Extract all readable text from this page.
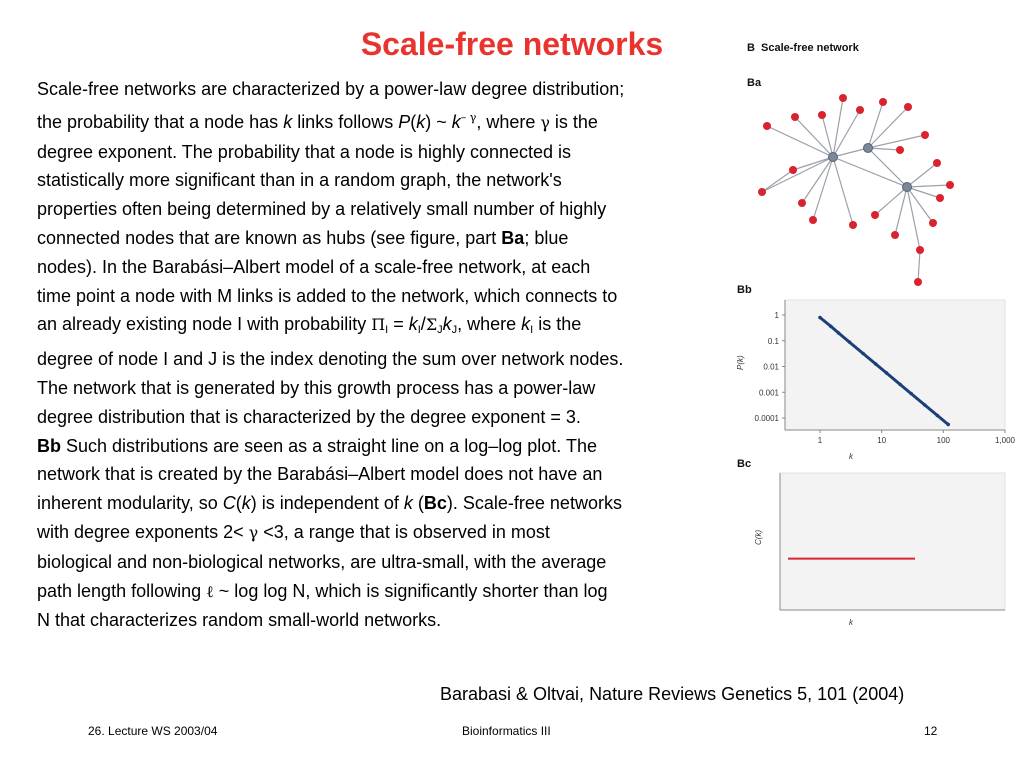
Scale-free networks
Scale-free networks are characterized by a power-law degree distribution;
the probability that a node has k links follows P(k) ~ $k^{- \gamma}$, where γ is the
degree exponent. The probability that a node is highly connected is
statistically more significant than in a random graph, the network's
properties often being determined by a relatively small number of highly
connected nodes that are known as hubs (see figure, part Ba; blue
nodes). In the Barabási–Albert model of a scale-free network, at each
time point a node with M links is added to the network, which connects to
an already existing node I with probability $\Pi_I = k_I/\Sigma_Jk_J$, where $k_I$ is the
degree of node I and J is the index denoting the sum over network nodes.
The network that is generated by this growth process has a power-law
degree distribution that is characterized by the degree exponent = 3.
Bb Such distributions are seen as a straight line on a log–log plot. The
network that is created by the Barabási–Albert model does not have an
inherent modularity, so C(k) is independent of k (Bc). Scale-free networks
with degree exponents 2< γ <3, a range that is observed in most
biological and non-biological networks, are ultra-small, with the average
path length following ℓ ~ log log N, which is significantly shorter than log
N that characterizes random small-world networks.
B Scale-free network
Ba
Bb
1	10	100	1,000
1
0.1
0.01
0.001
0.0001
k
P(k)
Bc
k
C(k)
Barabasi & Oltvai, Nature Reviews Genetics 5, 101 (2004)
26. Lecture WS 2003/04	Bioinformatics III	12
